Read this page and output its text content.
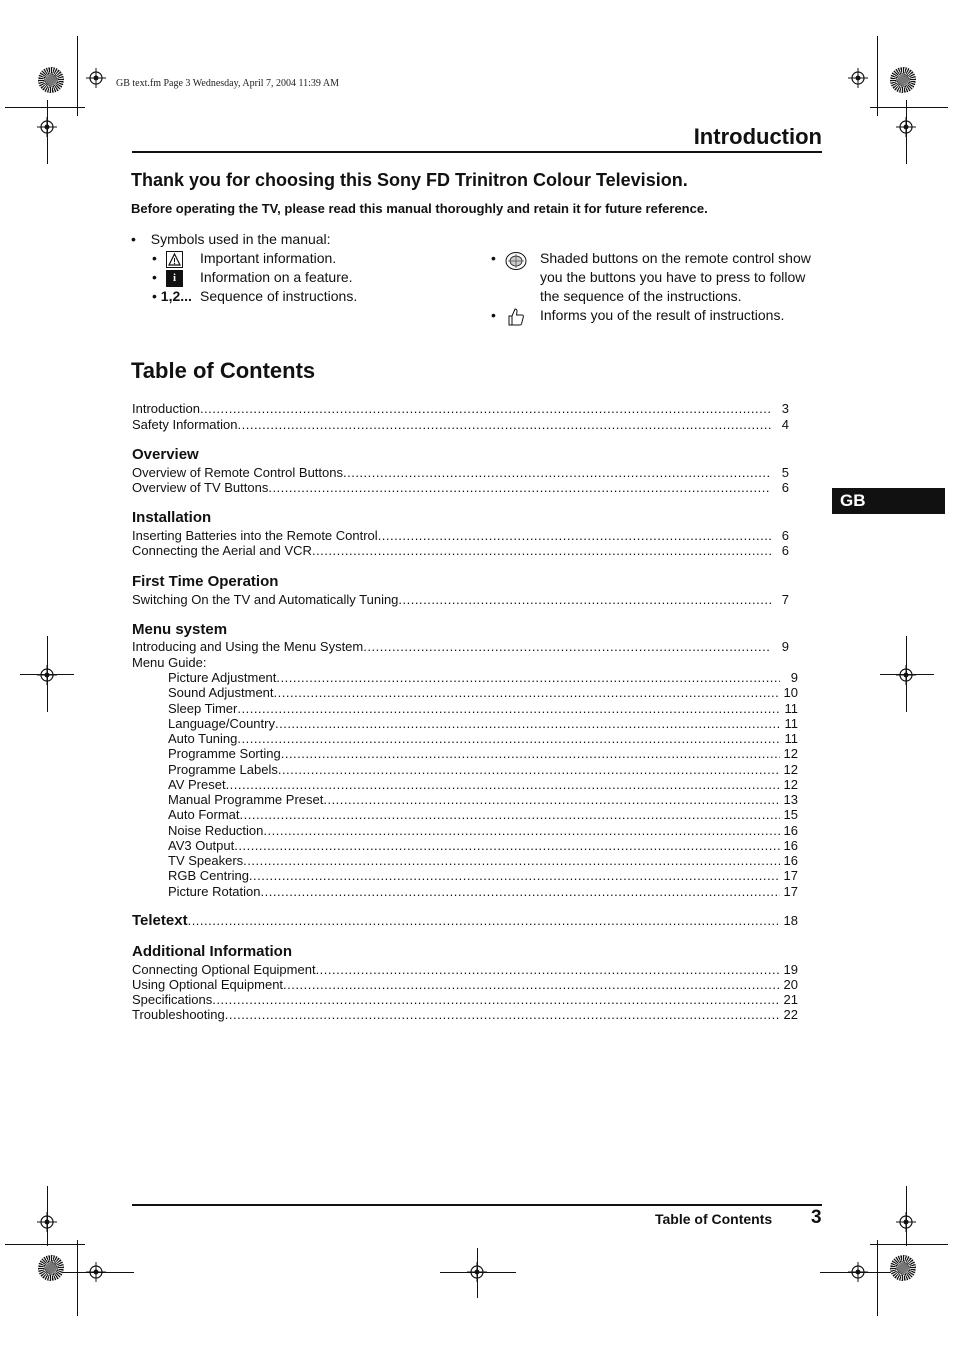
GB text.fm Page 3 Wednesday, April 7, 2004 11:39 AM
Introduction
Thank you for choosing this Sony FD Trinitron Colour Television.
Before operating the TV, please read this manual thoroughly and retain it for future reference.
• Symbols used in the manual:
•	Important information.
•	i	Information on a feature.
• 1,2... Sequence of instructions.
•	Shaded buttons on the remote control show
you the buttons you have to press to follow
the sequence of the instructions.
•	Informs you of the result of instructions.
Table of Contents
Introduction .....	3
Safety Information .....	4
Overview
Overview of Remote Control Buttons .....	5
Overview of TV Buttons .....	6
Installation
Inserting Batteries into the Remote Control .....	6
Connecting the Aerial and VCR .....	6
First Time Operation
Switching On the TV and Automatically Tuning .....	7
Menu system
Introducing and Using the Menu System .....	9
Menu Guide:
Picture Adjustment .....	9
Sound Adjustment .....	10
Sleep Timer .....	11
Language/Country .....	11
Auto Tuning .....	11
Programme Sorting .....	12
Programme Labels .....	12
AV Preset .....	12
Manual Programme Preset .....	13
Auto Format .....	15
Noise Reduction .....	16
AV3 Output .....	16
TV Speakers .....	16
RGB Centring .....	17
Picture Rotation .....	17
Teletext .....	18
Additional Information
Connecting Optional Equipment .....	19
Using Optional Equipment .....	20
Specifications .....	21
Troubleshooting .....	22
GB
Table of Contents 3
